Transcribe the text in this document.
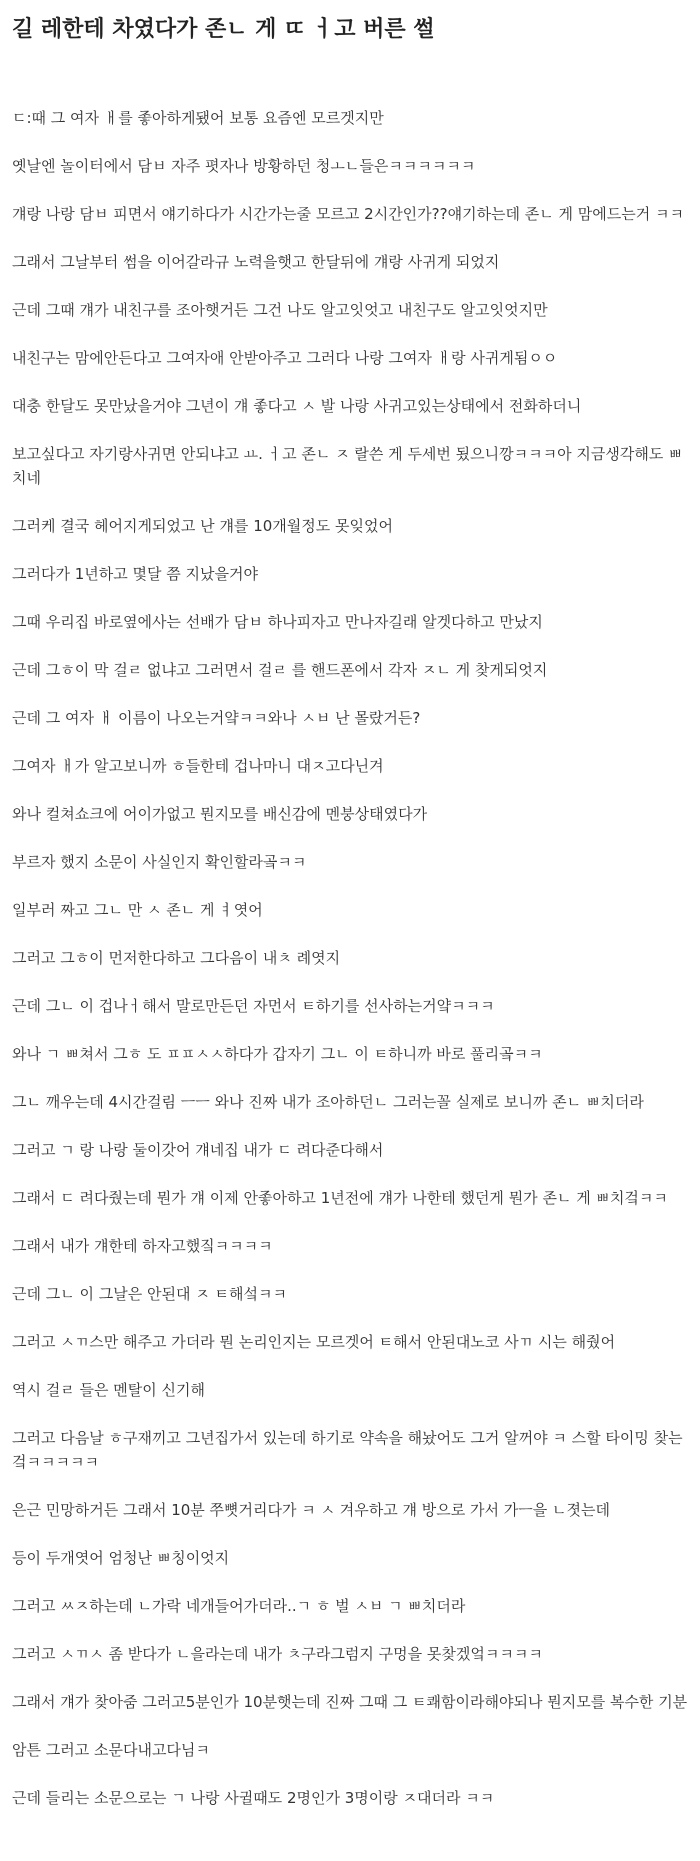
길 레한테 차였다가 존ㄴ 게 ㄸ ㅓ고 버른 썰

ㄷ:때 그 여자 ㅐ를 좋아하게됐어 보통 요즘엔 모르겟지만

옛날엔 놀이터에서 담ㅂ 자주 폇자나 방황하던 청ㅗㄴ들은ㅋㅋㅋㅋㅋㅋ

걔랑 나랑 담ㅂ 피면서 얘기하다가 시간가는줄 모르고 2시간인가??얘기하는데 존ㄴ 게 맘에드는거 ㅋㅋ

그래서 그날부터 썸을 이어갈라규 노력을햇고 한달뒤에 걔랑 사귀게 되었지

근데 그때 걔가 내친구를 조아햇거든 그건 나도 알고잇엇고 내친구도 알고잇엇지만

내친구는 맘에안든다고 그여자애 안받아주고 그러다 나랑 그여자 ㅐ랑 사귀게됨ㅇㅇ

대충 한달도 못만났을거야 그년이 걔 좋다고 ㅅ 발 나랑 사귀고있는상태에서 전화하더니

보고싶다고 자기랑사귀면 안되냐고 ㅛ. ㅓ고 존ㄴ ㅈ 랄쓴 게 두세번 됬으니깡ㅋㅋㅋ아 지금생각해도 ㅃ치네

그러케 결국 헤어지게되었고 난 걔를 10개월정도 못잊었어

그러다가 1년하고 몇달 쯤 지났을거야

그때 우리집 바로옆에사는 선배가 담ㅂ 하나피자고 만나자길래 알겟다하고 만났지

근데 그ㅎ이 막 걸ㄹ 없냐고 그러면서 걸ㄹ 를 핸드폰에서 각자 ㅈㄴ 게 찾게되엇지

근데 그 여자 ㅐ 이름이 나오는거얔ㅋㅋ와나 ㅅㅂ 난 몰랐거든?

그여자 ㅐ가 알고보니까 ㅎ들한테 겁나마니 대ㅈ고다닌겨

와나 컬쳐쇼크에 어이가없고 뭔지모를 배신감에 멘붕상태였다가

부르자 했지 소문이 사실인지 확인할라곸ㅋㅋ

일부러 짜고 그ㄴ 만 ㅅ 존ㄴ 게 ㅕ엿어

그러고 그ㅎ이 먼저한다하고 그다음이 내ㅊ 례엿지

근데 그ㄴ 이 겁나ㅓ해서 말로만든던 자먼서 ㅌ하기를 선사하는거얔ㅋㅋㅋ

와나 ㄱ ㅃ쳐서 그ㅎ 도 ㅍㅍㅅㅅ하다가 갑자기 그ㄴ 이 ㅌ하니까 바로 풀리곸ㅋㅋ

그ㄴ 깨우는데 4시간걸림 ㅡㅡ 와나 진짜 내가 조아하던ㄴ 그러는꼴 실제로 보니까 존ㄴ ㅃ치더라

그러고 ㄱ 랑 나랑 둘이갓어 걔네집 내가 ㄷ 려다준다해서

그래서 ㄷ 려다줬는데 뭔가 걔 이제 안좋아하고 1년전에 걔가 나한테 했던게 뭔가 존ㄴ 게 ㅃ치겈ㅋㅋ

그래서 내가 걔한테 하자고했짘ㅋㅋㅋㅋ

근데 그ㄴ 이 그날은 안된대 ㅈ ㅌ해섴ㅋㅋ

그러고 ㅅㄲ스만 해주고 가더라 뭔 논리인지는 모르겟어 ㅌ해서 안된대노코 사ㄲ 시는 해줬어

역시 걸ㄹ 들은 멘탈이 신기해

그러고 다음날 ㅎ구재끼고 그년집가서 있는데 하기로 약속을 해놨어도 그거 알꺼야 ㅋ 스할 타이밍 찾는겈ㅋㅋㅋㅋㅋ

은근 민망하거든 그래서 10분 쭈뼛거리다가 ㅋ ㅅ 겨우하고 걔 방으로 가서 가ㅡ을 ㄴ졋는데

등이 두개엿어 엄청난 ㅃ칭이엇지

그러고 ㅆㅈ하는데 ㄴ가락 네개들어가더라..ㄱ ㅎ 벌 ㅅㅂ ㄱ ㅃ치더라

그러고 ㅅㄲㅅ 좀 받다가 ㄴ을라는데 내가 ㅊ구라그럼지 구멍을 못찾겠엌ㅋㅋㅋㅋ

그래서 걔가 찾아줌 그러고5분인가 10분햇는데 진짜 그때 그 ㅌ쾌함이라해야되나 뭔지모를 복수한 기분

암튼 그러고 소문다내고다님ㅋ

근데 들리는 소문으로는 ㄱ 나랑 사귈때도 2명인가 3명이랑 ㅈ대더라 ㅋㅋ
